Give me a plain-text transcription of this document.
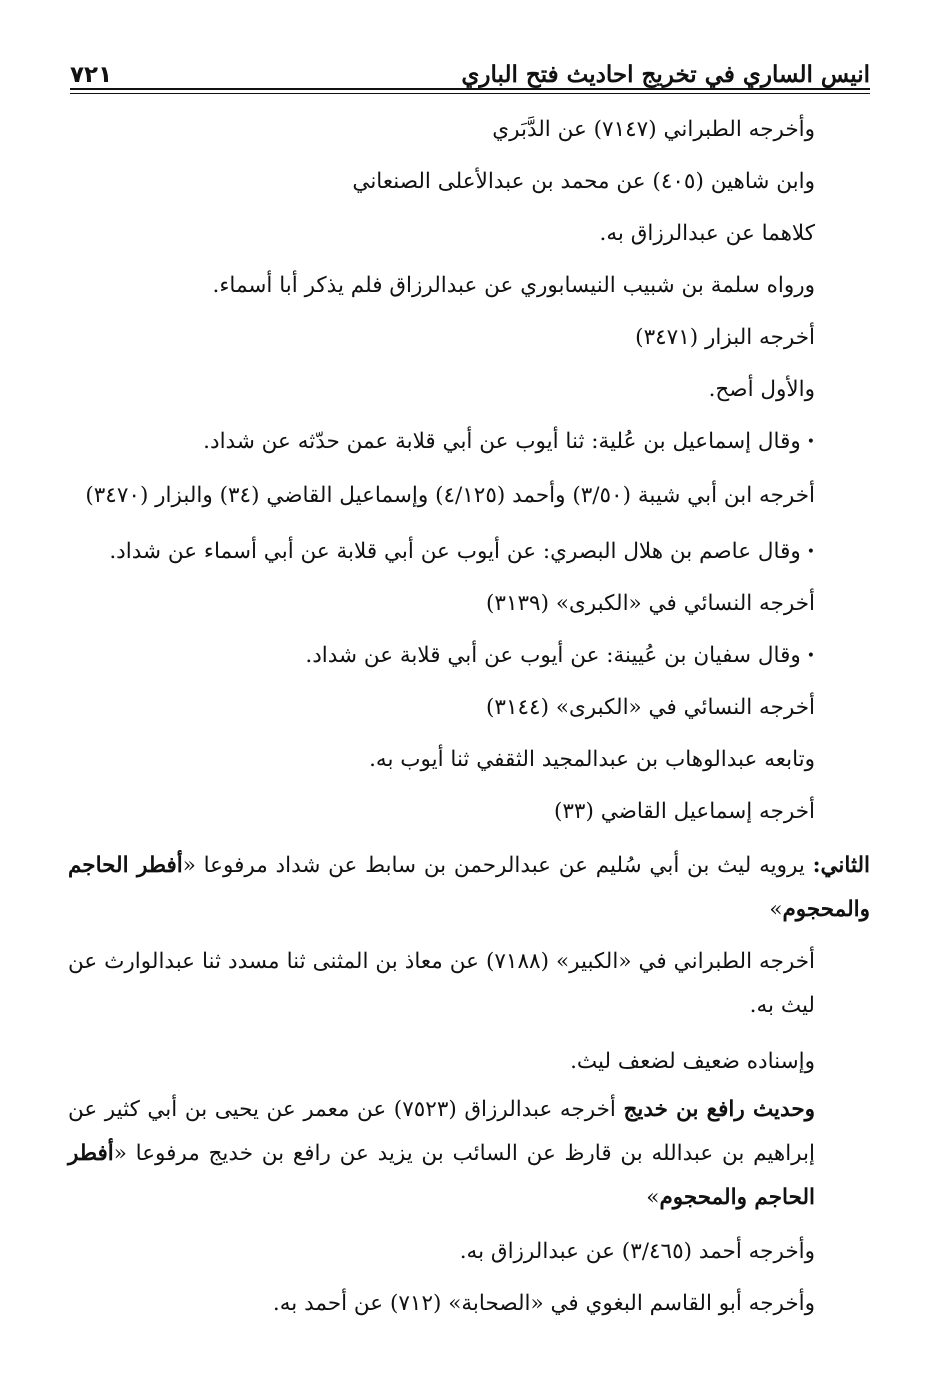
انيس الساري في تخريج احاديث فتح الباري
٧٢١
وأخرجه الطبراني (٧١٤٧) عن الدَّبَري
وابن شاهين (٤٠٥) عن محمد بن عبدالأعلى الصنعاني
كلاهما عن عبدالرزاق به.
ورواه سلمة بن شبيب النيسابوري عن عبدالرزاق فلم يذكر أبا أسماء.
أخرجه البزار (٣٤٧١)
والأول أصح.
•وقال إسماعيل بن عُلية: ثنا أيوب عن أبي قلابة عمن حدّثه عن شداد.
أخرجه ابن أبي شيبة (٣/٥٠) وأحمد (٤/١٢٥) وإسماعيل القاضي (٣٤) والبزار (٣٤٧٠)
•وقال عاصم بن هلال البصري: عن أيوب عن أبي قلابة عن أبي أسماء عن شداد.
أخرجه النسائي في «الكبرى» (٣١٣٩)
•وقال سفيان بن عُيينة: عن أيوب عن أبي قلابة عن شداد.
أخرجه النسائي في «الكبرى» (٣١٤٤)
وتابعه عبدالوهاب بن عبدالمجيد الثقفي ثنا أيوب به.
أخرجه إسماعيل القاضي (٣٣)
الثاني: يرويه ليث بن أبي سُليم عن عبدالرحمن بن سابط عن شداد مرفوعا «أفطر الحاجم والمحجوم»
أخرجه الطبراني في «الكبير» (٧١٨٨) عن معاذ بن المثنى ثنا مسدد ثنا عبدالوارث عن ليث به.
وإسناده ضعيف لضعف ليث.
وحديث رافع بن خديج أخرجه عبدالرزاق (٧٥٢٣) عن معمر عن يحيى بن أبي كثير عن إبراهيم بن عبدالله بن قارظ عن السائب بن يزيد عن رافع بن خديج مرفوعا «أفطر الحاجم والمحجوم»
وأخرجه أحمد (٣/٤٦٥) عن عبدالرزاق به.
وأخرجه أبو القاسم البغوي في «الصحابة» (٧١٢) عن أحمد به.
